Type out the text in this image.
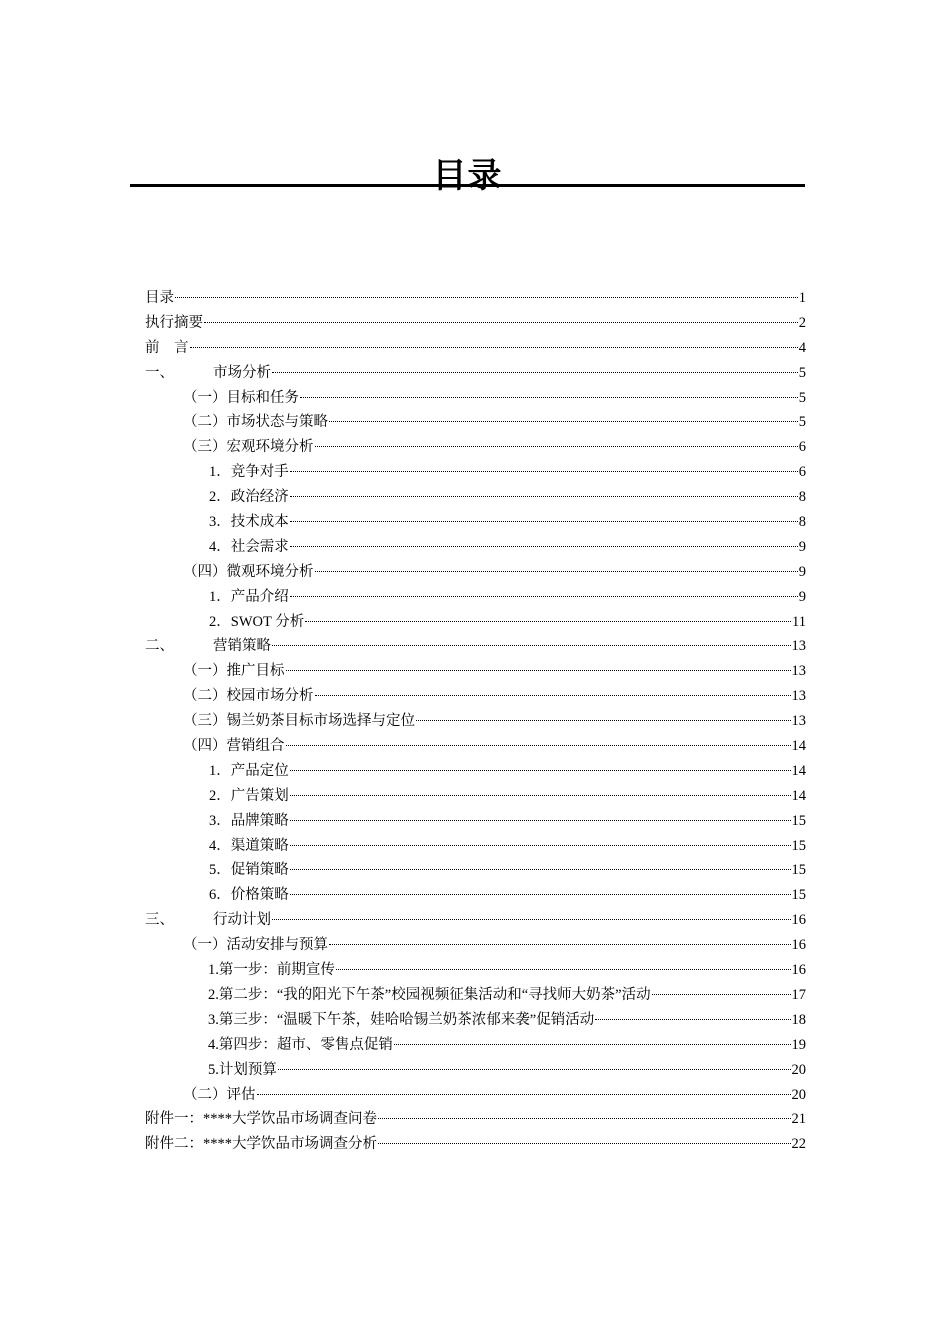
目录
目录	1
执行摘要	2
前　言	4
一、	市场分析	5
（一）目标和任务	5
（二）市场状态与策略	5
（三）宏观环境分析	6
1．竞争对手	6
2．政治经济	8
3．技术成本	8
4．社会需求	9
（四）微观环境分析	9
1．产品介绍	9
2．SWOT 分析	11
二、	营销策略	13
（一）推广目标	13
（二）校园市场分析	13
（三）锡兰奶茶目标市场选择与定位	13
（四）营销组合	14
1．产品定位	14
2．广告策划	14
3．品牌策略	15
4．渠道策略	15
5．促销策略	15
6．价格策略	15
三、	行动计划	16
（一）活动安排与预算	16
1.第一步：前期宣传	16
2.第二步：“我的阳光下午茶”校园视频征集活动和“寻找师大奶茶”活动	17
3.第三步：“温暖下午茶，娃哈哈锡兰奶茶浓郁来袭”促销活动	18
4.第四步：超市、零售点促销	19
5.计划预算	20
（二）评估	20
附件一：****大学饮品市场调查问卷	21
附件二：****大学饮品市场调查分析	22
